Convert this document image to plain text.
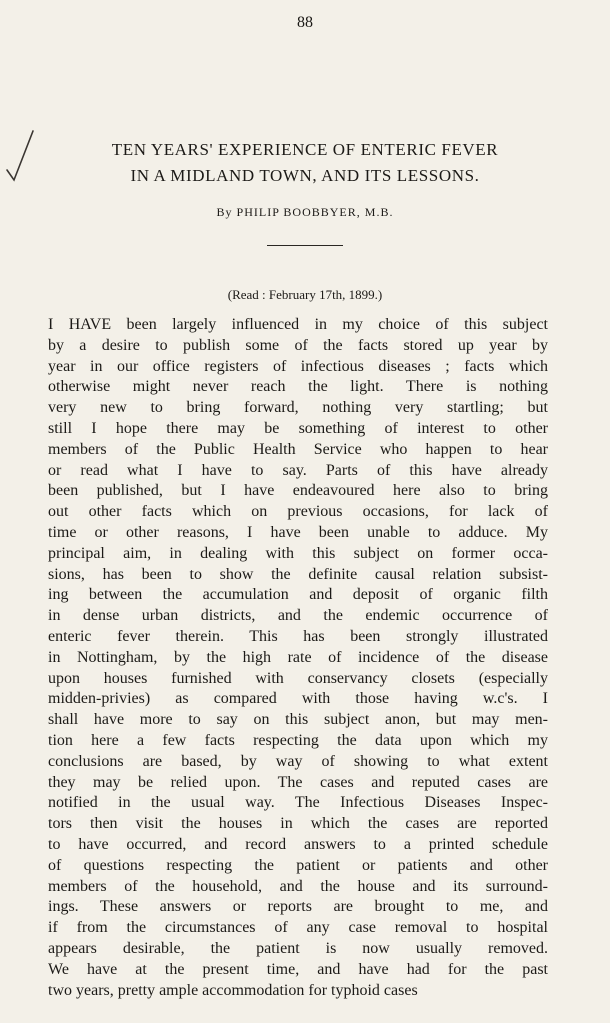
88
TEN YEARS' EXPERIENCE OF ENTERIC FEVER
IN A MIDLAND TOWN, AND ITS LESSONS.
By PHILIP BOOBBYER, M.B.
(Read : February 17th, 1899.)
I HAVE been largely influenced in my choice of this subject
by a desire to publish some of the facts stored up year by
year in our office registers of infectious diseases ; facts which
otherwise might never reach the light. There is nothing
very new to bring forward, nothing very startling; but
still I hope there may be something of interest to other
members of the Public Health Service who happen to hear
or read what I have to say. Parts of this have already
been published, but I have endeavoured here also to bring
out other facts which on previous occasions, for lack of
time or other reasons, I have been unable to adduce. My
principal aim, in dealing with this subject on former occa-
sions, has been to show the definite causal relation subsist-
ing between the accumulation and deposit of organic filth
in dense urban districts, and the endemic occurrence of
enteric fever therein. This has been strongly illustrated
in Nottingham, by the high rate of incidence of the disease
upon houses furnished with conservancy closets (especially
midden-privies) as compared with those having w.c's. I
shall have more to say on this subject anon, but may men-
tion here a few facts respecting the data upon which my
conclusions are based, by way of showing to what extent
they may be relied upon. The cases and reputed cases are
notified in the usual way. The Infectious Diseases Inspec-
tors then visit the houses in which the cases are reported
to have occurred, and record answers to a printed schedule
of questions respecting the patient or patients and other
members of the household, and the house and its surround-
ings. These answers or reports are brought to me, and
if from the circumstances of any case removal to hospital
appears desirable, the patient is now usually removed.
We have at the present time, and have had for the past
two years, pretty ample accommodation for typhoid cases
